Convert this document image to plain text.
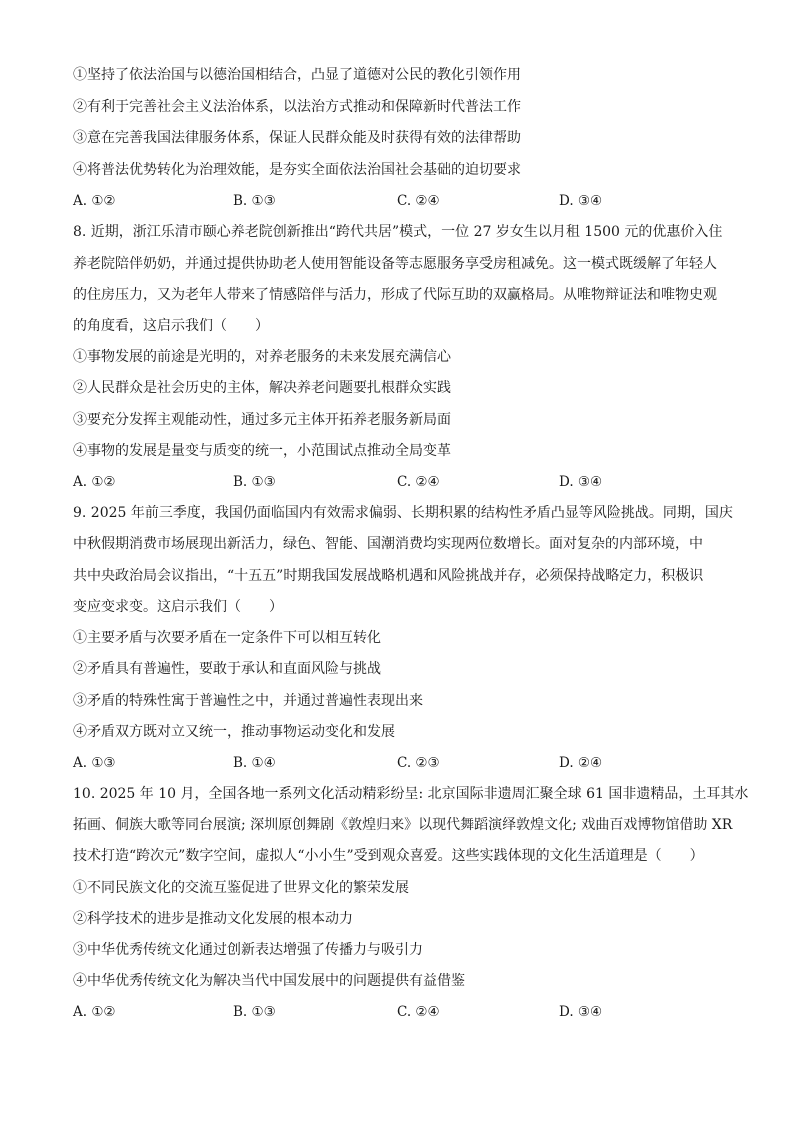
①坚持了依法治国与以德治国相结合，凸显了道德对公民的教化引领作用
②有利于完善社会主义法治体系，以法治方式推动和保障新时代普法工作
③意在完善我国法律服务体系，保证人民群众能及时获得有效的法律帮助
④将普法优势转化为治理效能，是夯实全面依法治国社会基础的迫切要求
A. ①②	B. ①③	C. ②④	D. ③④
8. 近期，浙江乐清市颐心养老院创新推出“跨代共居”模式，一位 27 岁女生以月租 1500 元的优惠价入住
养老院陪伴奶奶，并通过提供协助老人使用智能设备等志愿服务享受房租减免。这一模式既缓解了年轻人
的住房压力，又为老年人带来了情感陪伴与活力，形成了代际互助的双赢格局。从唯物辩证法和唯物史观
的角度看，这启示我们（　　）
①事物发展的前途是光明的，对养老服务的未来发展充满信心
②人民群众是社会历史的主体，解决养老问题要扎根群众实践
③要充分发挥主观能动性，通过多元主体开拓养老服务新局面
④事物的发展是量变与质变的统一，小范围试点推动全局变革
A. ①②	B. ①③	C. ②④	D. ③④
9. 2025 年前三季度，我国仍面临国内有效需求偏弱、长期积累的结构性矛盾凸显等风险挑战。同期，国庆
中秋假期消费市场展现出新活力，绿色、智能、国潮消费均实现两位数增长。面对复杂的内部环境，中
共中央政治局会议指出，“十五五”时期我国发展战略机遇和风险挑战并存，必须保持战略定力，积极识
变应变求变。这启示我们（　　）
①主要矛盾与次要矛盾在一定条件下可以相互转化
②矛盾具有普遍性，要敢于承认和直面风险与挑战
③矛盾的特殊性寓于普遍性之中，并通过普遍性表现出来
④矛盾双方既对立又统一，推动事物运动变化和发展
A. ①③	B. ①④	C. ②③	D. ②④
10. 2025 年 10 月，全国各地一系列文化活动精彩纷呈: 北京国际非遗周汇聚全球 61 国非遗精品，土耳其水
拓画、侗族大歌等同台展演; 深圳原创舞剧《敦煌归来》以现代舞蹈演绎敦煌文化; 戏曲百戏博物馆借助 XR
技术打造“跨次元”数字空间，虚拟人“小小生”受到观众喜爱。这些实践体现的文化生活道理是（　　）
①不同民族文化的交流互鉴促进了世界文化的繁荣发展
②科学技术的进步是推动文化发展的根本动力
③中华优秀传统文化通过创新表达增强了传播力与吸引力
④中华优秀传统文化为解决当代中国发展中的问题提供有益借鉴
A. ①②	B. ①③	C. ②④	D. ③④
